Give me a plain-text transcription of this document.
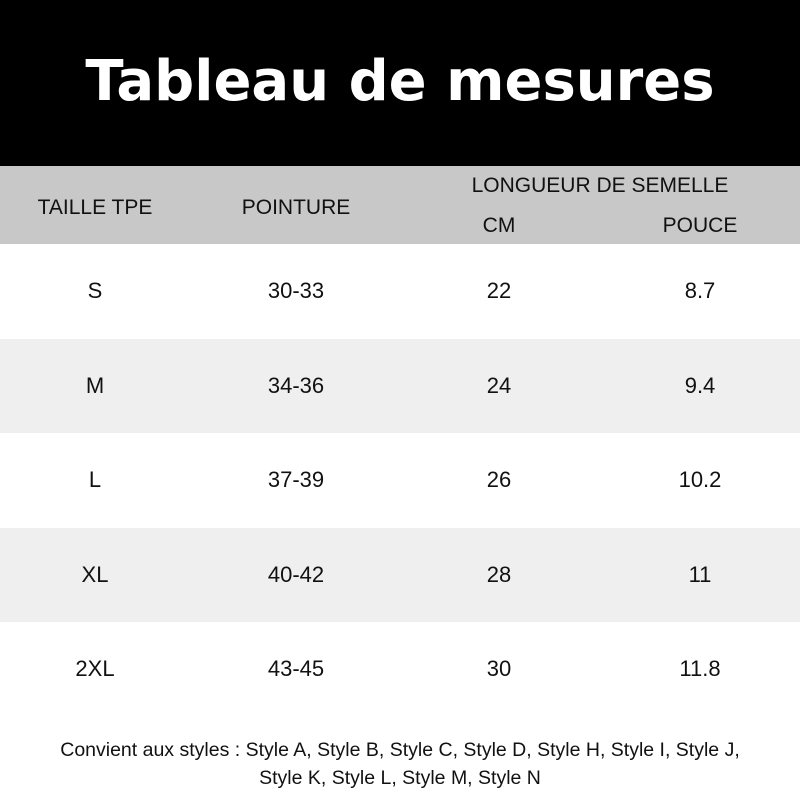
Tableau de mesures
TAILLE TPE	POINTURE
LONGUEUR DE SEMELLE
CM	POUCE
S	30-33	22	8.7
M	34-36	24	9.4
L	37-39	26	10.2
XL	40-42	28	11
2XL	43-45	30	11.8
Convient aux styles : Style A, Style B, Style C, Style D, Style H, Style I, Style J,
Style K, Style L, Style M, Style N
